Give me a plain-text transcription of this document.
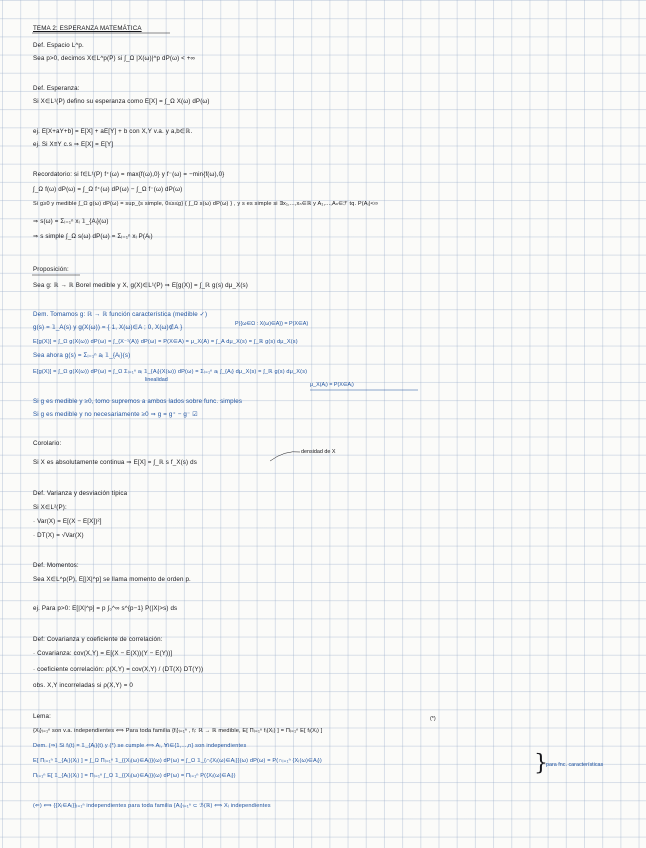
TEMA 2: ESPERANZA MATEMÁTICA
Def. Espacio L^p.
Sea p>0, decimos X∈L^p(P) si ∫_Ω |X(ω)|^p dP(ω) < +∞
Def. Esperanza:
Si X∈L¹(P) defino su esperanza como E[X] = ∫_Ω X(ω) dP(ω)
ej. E[X+aY+b] = E[X] + aE[Y] + b con X,Y v.a. y a,b∈ℝ.
ej. Si X≡Y c.s ⇒ E[X] = E[Y]
Recordatorio: si f∈L¹(P) f⁺(ω) = max{f(ω),0} y f⁻(ω) = −min{f(ω),0}
∫_Ω f(ω) dP(ω) = ∫_Ω f⁺(ω) dP(ω) − ∫_Ω f⁻(ω) dP(ω)
Si g≥0 y medible ∫_Ω g(ω) dP(ω) = sup_{s simple, 0≤s≤g} { ∫_Ω s(ω) dP(ω) } , y s es simple si ∃x₁,...,xₙ∈ℝ y A₁,...,Aₙ∈ℱ tq. P(Aᵢ)<∞
⇒ s(ω) = Σᵢ₌₁ⁿ xᵢ 𝟙_{Aᵢ}(ω)
⇒ s simple ∫_Ω s(ω) dP(ω) = Σᵢ₌₁ⁿ xᵢ P(Aᵢ)
Proposición:
Sea g: ℝ → ℝ Borel medible y X, g(X)∈L¹(P) ⇒ E[g(X)] = ∫_ℝ g(s) dμ_X(s)
Dem. Tomamos g: ℝ → ℝ función característica (medible ✓)
g(s) = 𝟙_A(s) y g(X(ω)) = { 1, X(ω)∈A ; 0, X(ω)∉A }	P({ω∈Ω : X(ω)∈A}) = P(X∈A)
E[g(X)] = ∫_Ω g(X(ω)) dP(ω) = ∫_{X⁻¹(A)} dP(ω) = P(X∈A) = μ_X(A) = ∫_A dμ_X(s) = ∫_ℝ g(s) dμ_X(s)
Sea ahora g(s) = Σᵢ₌₁ⁿ aᵢ 𝟙_{Aᵢ}(s)
E[g(X)] = ∫_Ω g(X(ω)) dP(ω) = ∫_Ω Σᵢ₌₁ⁿ aᵢ 𝟙_{Aᵢ}(X(ω)) dP(ω) = Σᵢ₌₁ⁿ aᵢ ∫_{Aᵢ} dμ_X(s) = ∫_ℝ g(s) dμ_X(s)
linealidad
μ_X(Aᵢ) = P(X∈Aᵢ)
Si g es medible y ≥0, tomo supremos a ambos lados sobre func. simples
Si g es medible y no necesariamente ≥0 ⇒ g = g⁺ − g⁻ ☑
Corolario:
densidad de X
Si X es absolutamente continua ⇒ E[X] = ∫_ℝ s f_X(s) ds
Def. Varianza y desviación típica
Si X∈L²(P):
· Var(X) = E[(X − E[X])²]
· DT(X) = √Var(X)
Def. Momentos:
Sea X∈L^p(P), E[|X|^p] se llama momento de orden p.
ej. Para p>0: E[|X|^p] = p ∫₀^∞ s^{p−1} P(|X|>s) ds
Def: Covarianza y coeficiente de correlación:
· Covarianza: cov(X,Y) = E[(X − E(X))(Y − E(Y))]
· coeficiente correlación: ρ(X,Y) = cov(X,Y) / (DT(X) DT(Y))
obs. X,Y incorreladas si ρ(X,Y) = 0
Lema:	(*)
{Xᵢ}ᵢ₌₁ⁿ son v.a. independientes ⟺ Para toda familia {fᵢ}ᵢ₌₁ⁿ , fᵢ: ℝ → ℝ medible, E[ Πᵢ₌₁ⁿ fᵢ(Xᵢ) ] = Πᵢ₌₁ⁿ E[ fᵢ(Xᵢ) ]
Dem. (⇒) Si fᵢ(t) = 𝟙_{Aᵢ}(t) y (*) se cumple ⟺ Aᵢ, ∀i∈{1,...,n} son independientes
E[ Πᵢ₌₁ⁿ 𝟙_{Aᵢ}(Xᵢ) ] = ∫_Ω Πᵢ₌₁ⁿ 𝟙_{{Xᵢ(ω)∈Aᵢ}}(ω) dP(ω) = ∫_Ω 𝟙_{∩{Xᵢ(ω)∈Aᵢ}}(ω) dP(ω) = P(∩ᵢ₌₁ⁿ {Xᵢ(ω)∈Aᵢ})
Πᵢ₌₁ⁿ E[ 𝟙_{Aᵢ}(Xᵢ) ] = Πᵢ₌₁ⁿ ∫_Ω 𝟙_{{Xᵢ(ω)∈Aᵢ}}(ω) dP(ω) = Πᵢ₌₁ⁿ P({Xᵢ(ω)∈Aᵢ})	}
para fnc. características
(⇐) ⟺ {{Xᵢ∈Aᵢ}}ᵢ₌₁ⁿ independientes para toda familia {Aᵢ}ᵢ₌₁ⁿ ⊂ ℬ(ℝ) ⟺ Xᵢ independientes
